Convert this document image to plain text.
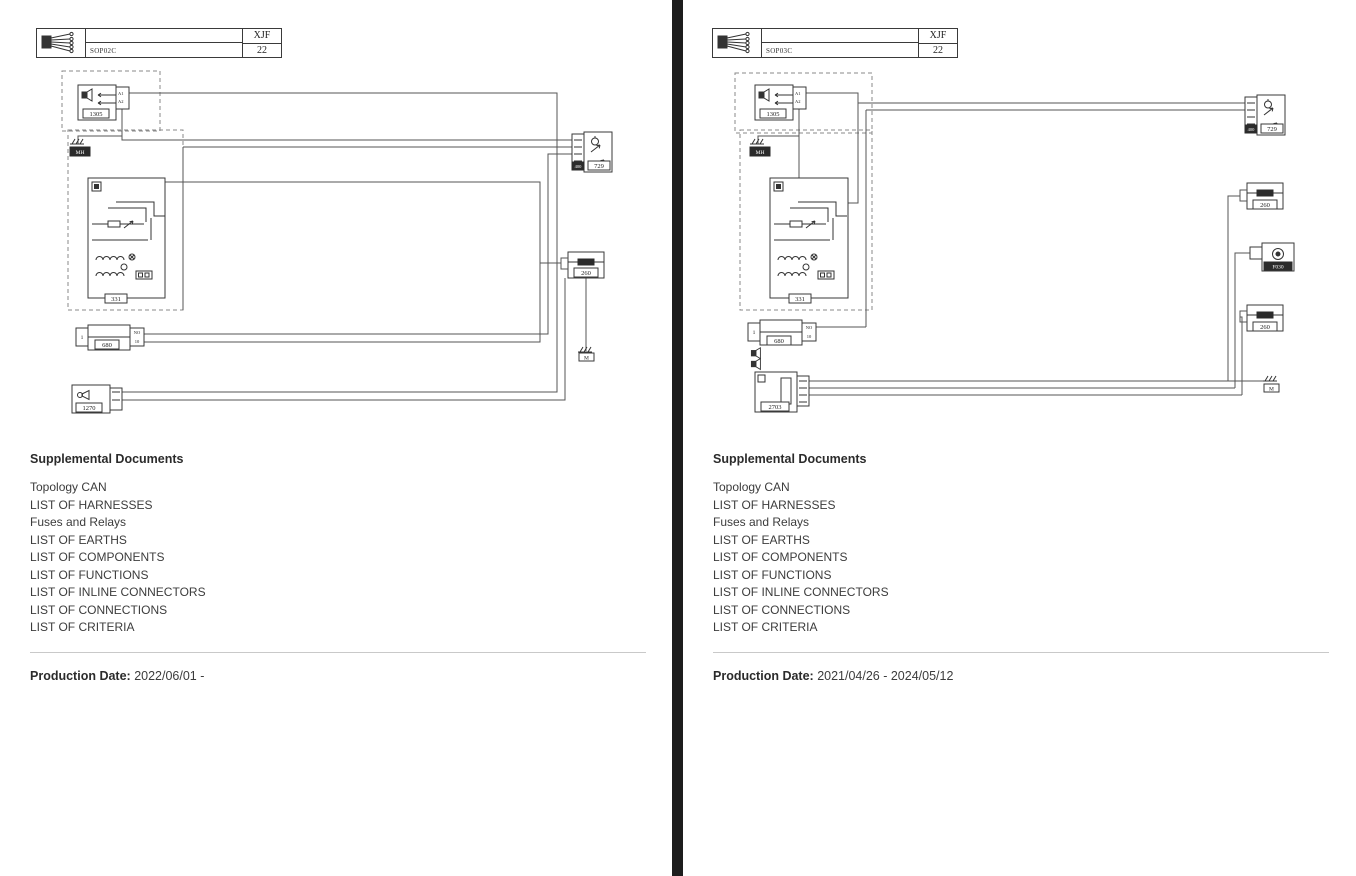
SOP02C
XJF
22
A1
A2
1305
MH
331
1
NO
10
680
1270
400 729
260
M
Supplemental Documents
Topology CAN
LIST OF HARNESSES
Fuses and Relays
LIST OF EARTHS
LIST OF COMPONENTS
LIST OF FUNCTIONS
LIST OF INLINE CONNECTORS
LIST OF CONNECTIONS
LIST OF CRITERIA
Production Date: 2022/06/01 -
SOP03C
XJF
22
A1
A2
1305
MH
331
1
NO
10
680
2703
400 729
260
F030
260
M
Supplemental Documents
Topology CAN
LIST OF HARNESSES
Fuses and Relays
LIST OF EARTHS
LIST OF COMPONENTS
LIST OF FUNCTIONS
LIST OF INLINE CONNECTORS
LIST OF CONNECTIONS
LIST OF CRITERIA
Production Date: 2021/04/26 - 2024/05/12
